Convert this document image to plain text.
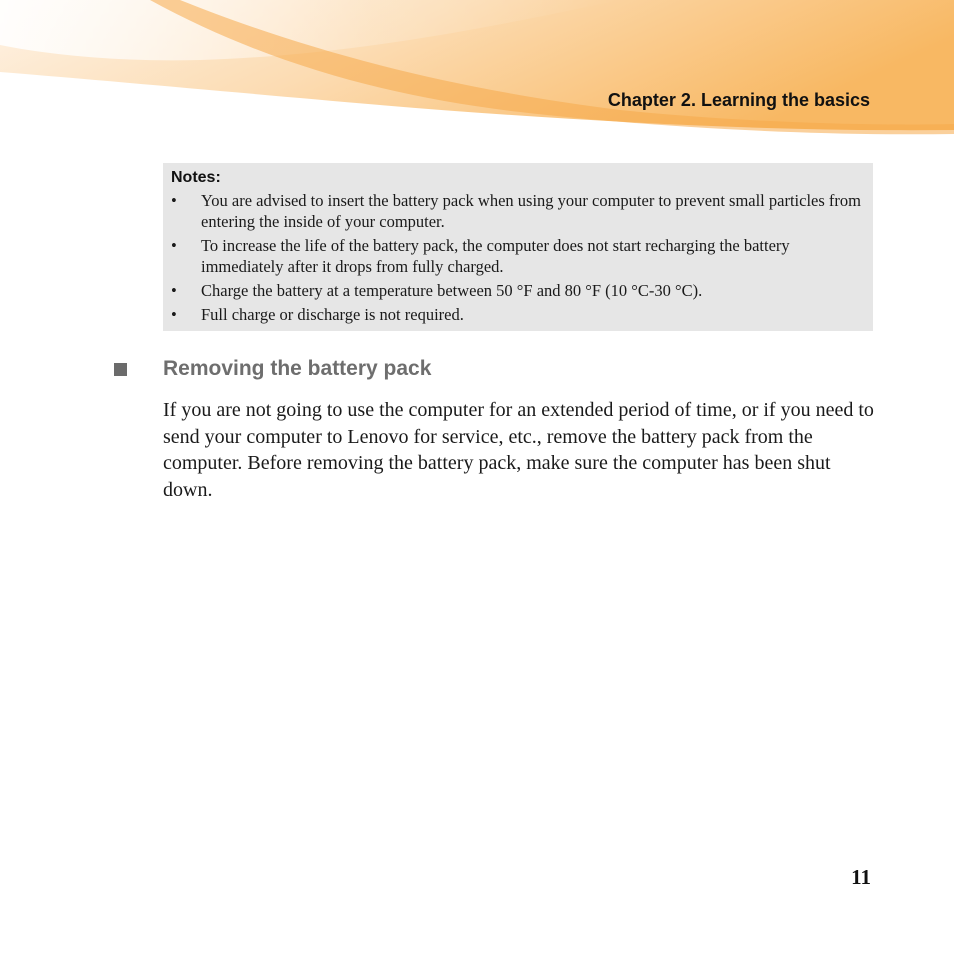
Chapter 2. Learning the basics
Notes:
•	You are advised to insert the battery pack when using your computer to prevent small particles from entering the inside of your computer.
•	To increase the life of the battery pack, the computer does not start recharging the battery immediately after it drops from fully charged.
•	Charge the battery at a temperature between 50 °F and 80 °F (10 °C-30 °C).
•	Full charge or discharge is not required.
Removing the battery pack

If you are not going to use the computer for an extended period of time, or if you need to send your computer to Lenovo for service, etc., remove the battery pack from the computer. Before removing the battery pack, make sure the computer has been shut down.

11
